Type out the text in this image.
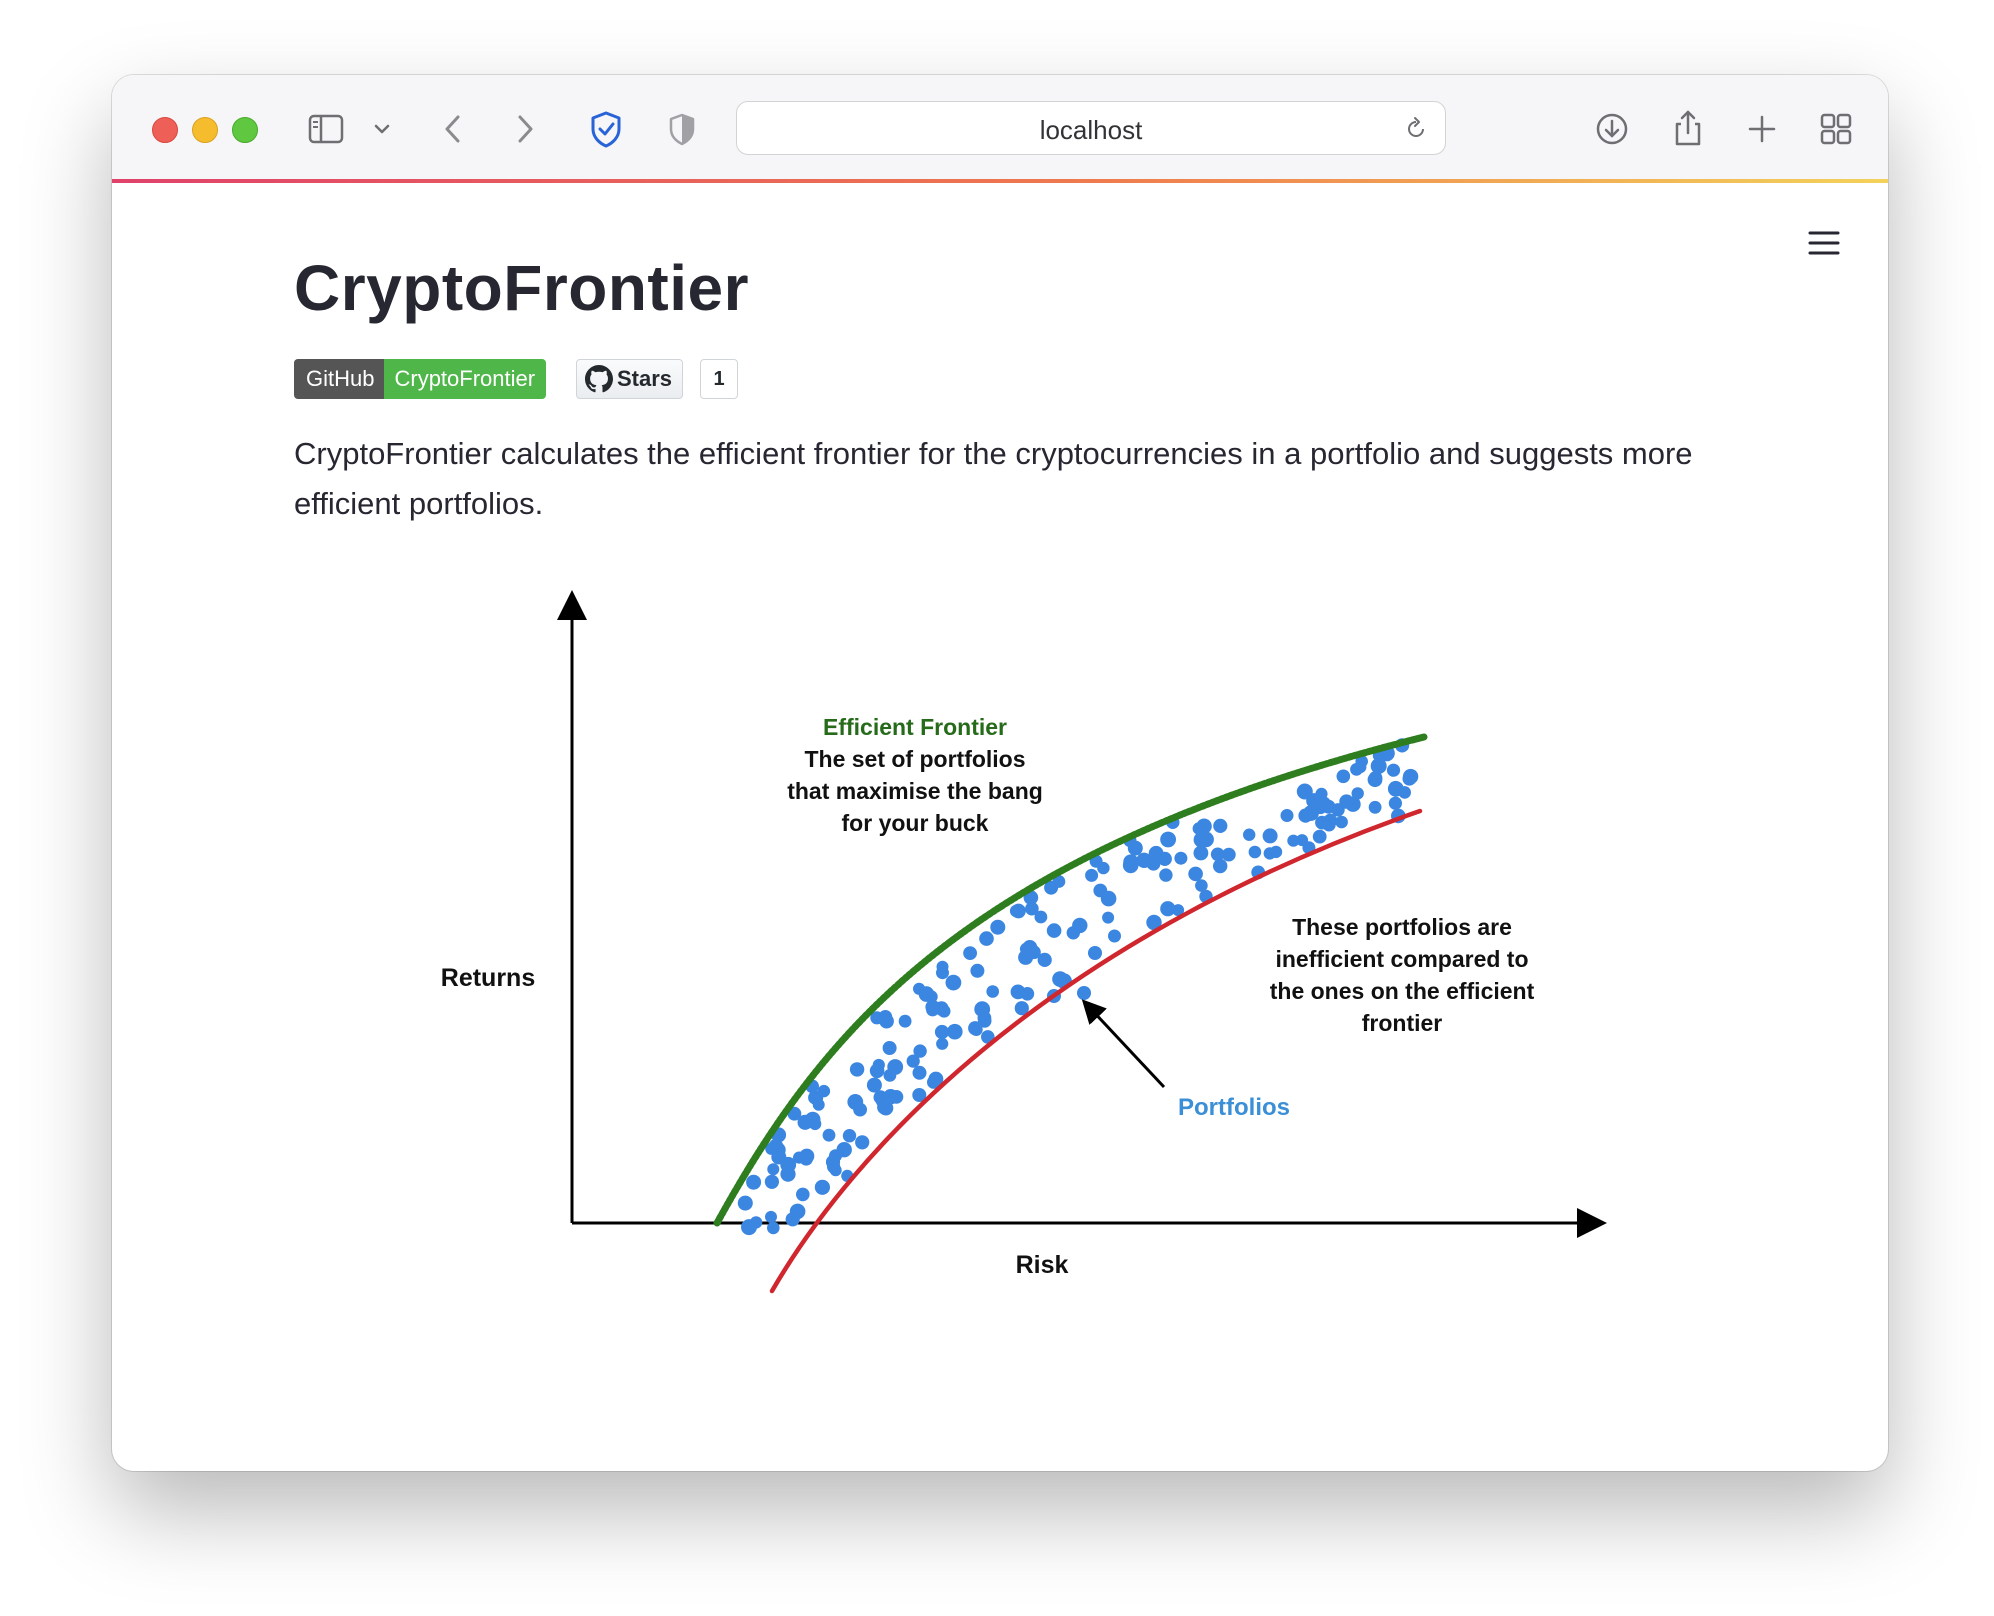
localhost
CryptoFrontier
GitHub CryptoFrontier	Stars	1

CryptoFrontier calculates the efficient frontier for the cryptocurrencies in a portfolio and suggests more efficient portfolios.

Returns
Risk
Efficient Frontier
The set of portfolios
that maximise the bang
for your buck
These portfolios are
inefficient compared to
the ones on the efficient
frontier
Portfolios
